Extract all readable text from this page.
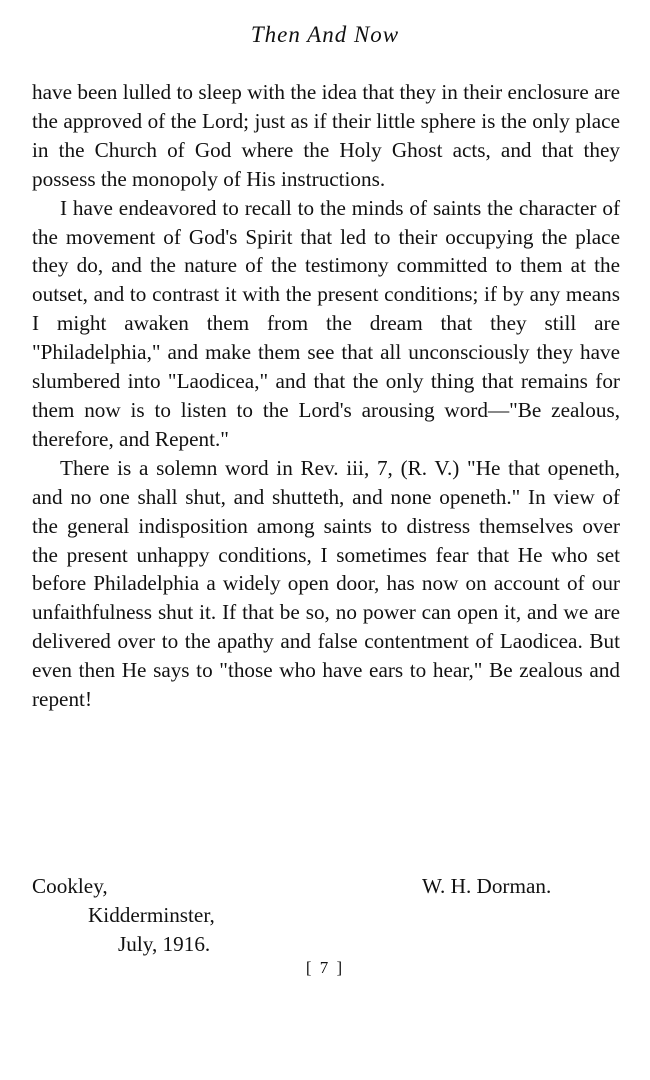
Then And Now

have been lulled to sleep with the idea that they in their enclosure are the approved of the Lord; just as if their little sphere is the only place in the Church of God where the Holy Ghost acts, and that they possess the monopoly of His instructions.

I have endeavored to recall to the minds of saints the character of the movement of God's Spirit that led to their occupying the place they do, and the nature of the testimony committed to them at the outset, and to contrast it with the present conditions; if by any means I might awaken them from the dream that they still are "Philadelphia," and make them see that all unconsciously they have slumbered into "Laodicea," and that the only thing that remains for them now is to listen to the Lord's arousing word—"Be zealous, therefore, and Repent."

There is a solemn word in Rev. iii, 7, (R. V.) "He that openeth, and no one shall shut, and shutteth, and none openeth." In view of the general indisposition among saints to distress themselves over the present unhappy conditions, I sometimes fear that He who set before Philadelphia a widely open door, has now on account of our unfaithfulness shut it. If that be so, no power can open it, and we are delivered over to the apathy and false contentment of Laodicea. But even then He says to "those who have ears to hear," Be zealous and repent!

Cookley,
Kidderminster,
July, 1916.
W. H. Dorman.
[ 7 ]
